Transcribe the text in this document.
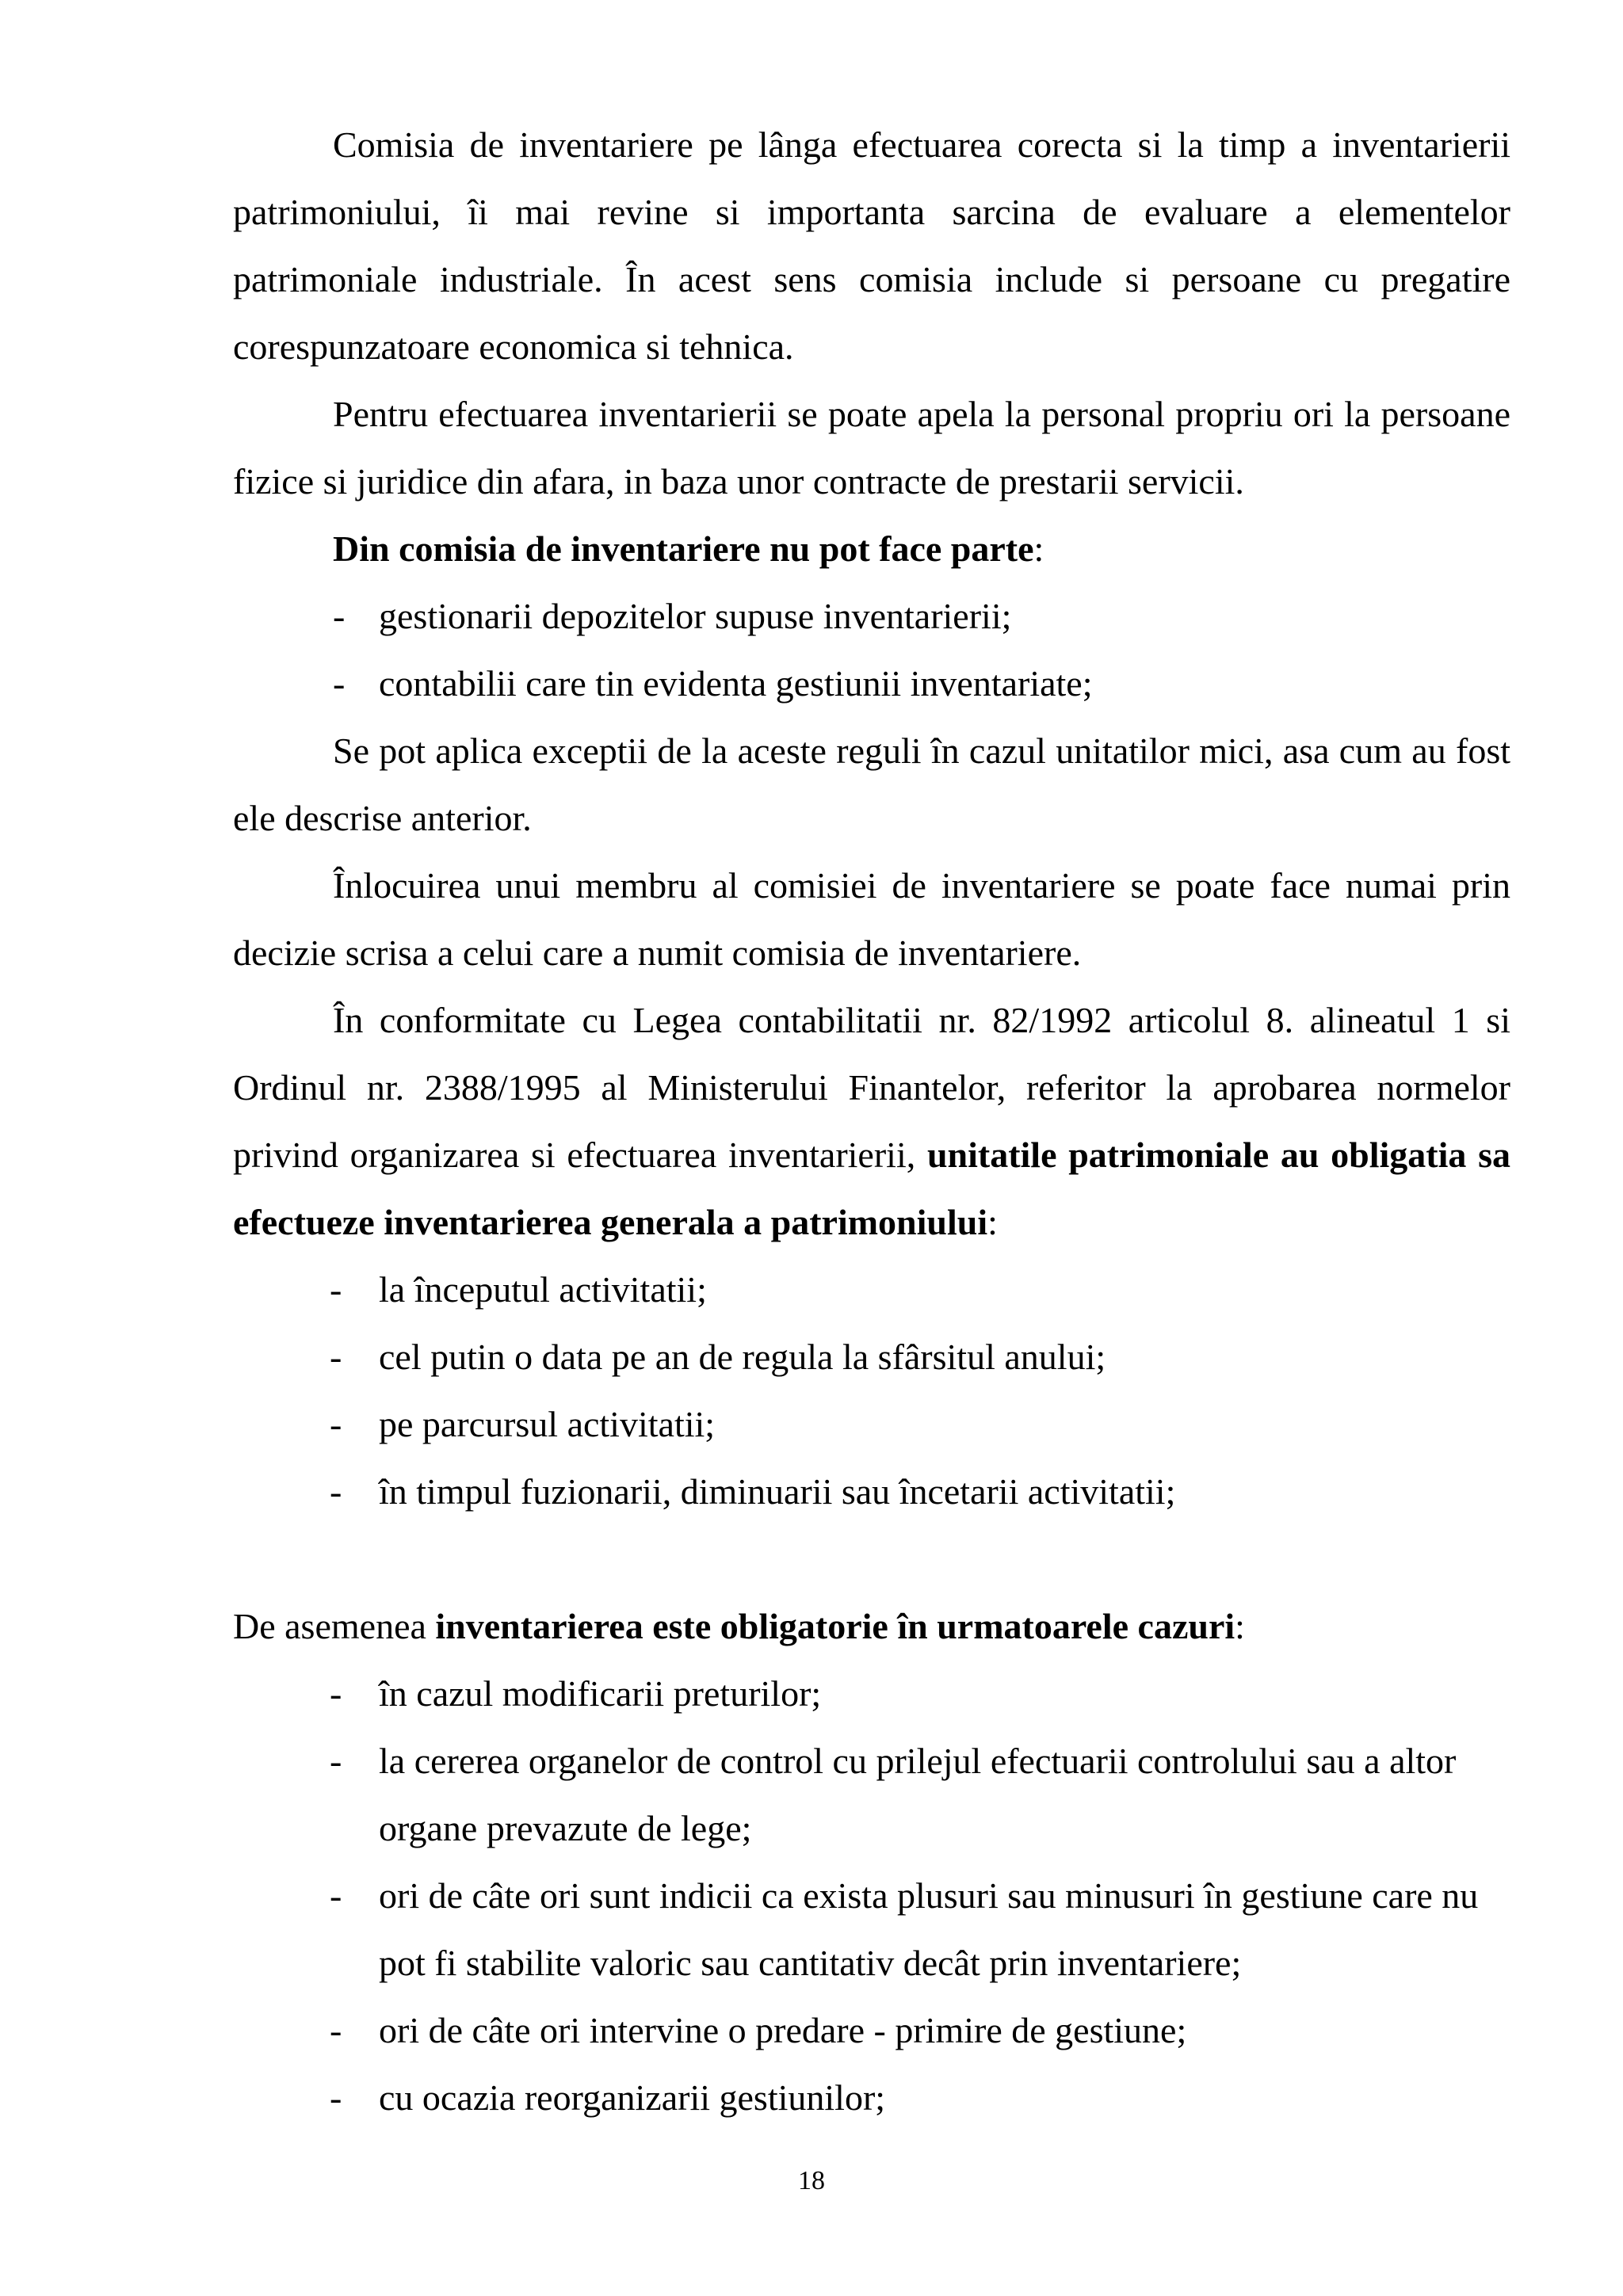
Comisia de inventariere pe lânga efectuarea corecta si la timp a inventarierii patrimoniului, îi mai revine si importanta sarcina de evaluare a elementelor patrimoniale industriale. În acest sens comisia include si persoane cu pregatire corespunzatoare economica si tehnica.

Pentru efectuarea inventarierii se poate apela la personal propriu ori la persoane fizice si juridice din afara, in baza unor contracte de prestarii servicii.

Din comisia de inventariere nu pot face parte:

- gestionarii depozitelor supuse inventarierii;
- contabilii care tin evidenta gestiunii inventariate;

Se pot aplica exceptii de la aceste reguli în cazul unitatilor mici, asa cum au fost ele descrise anterior.

Înlocuirea unui membru al comisiei de inventariere se poate face numai prin decizie scrisa a celui care a numit comisia de inventariere.

În conformitate cu Legea contabilitatii nr. 82/1992 articolul 8. alineatul 1 si Ordinul nr. 2388/1995 al Ministerului Finantelor, referitor la aprobarea normelor privind organizarea si efectuarea inventarierii, unitatile patrimoniale au obligatia sa efectueze inventarierea generala a patrimoniului:

- la începutul activitatii;
- cel putin o data pe an de regula la sfârsitul anului;
- pe parcursul activitatii;
- în timpul fuzionarii, diminuarii sau încetarii activitatii;

De asemenea inventarierea este obligatorie în urmatoarele cazuri:

- în cazul modificarii preturilor;
- la cererea organelor de control cu prilejul efectuarii controlului sau a altor organe prevazute de lege;
- ori de câte ori sunt indicii ca exista plusuri sau minusuri în gestiune care nu pot fi stabilite valoric sau cantitativ decât prin inventariere;
- ori de câte ori intervine o predare - primire de gestiune;
- cu ocazia reorganizarii gestiunilor;
18
